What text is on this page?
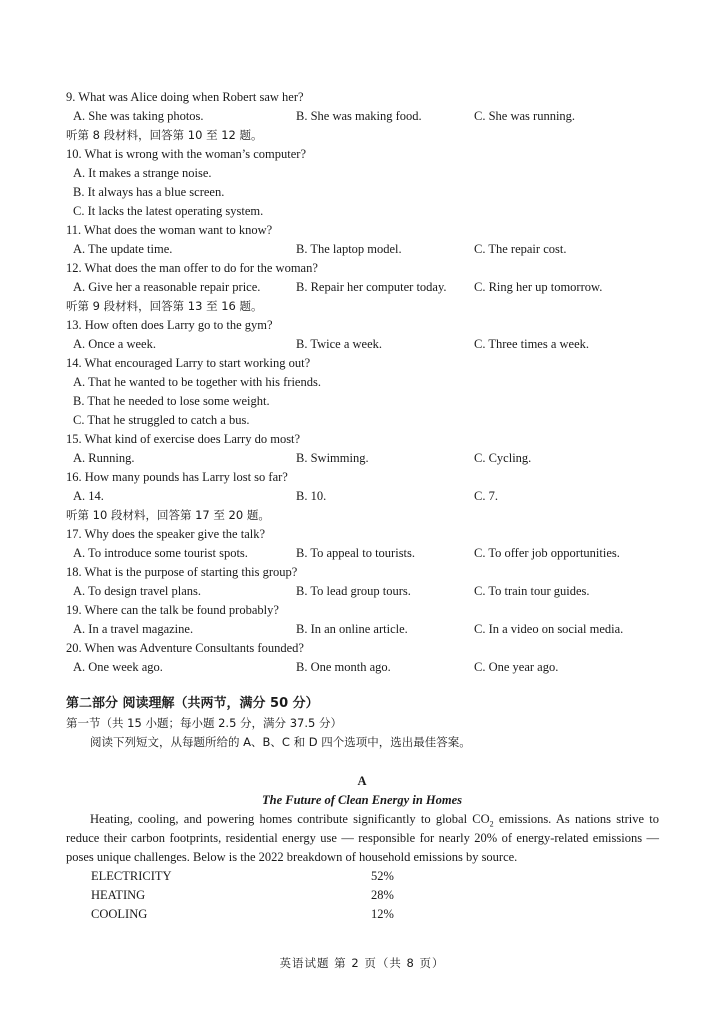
9. What was Alice doing when Robert saw her?
A. She was taking photos.	B. She was making food.	C. She was running.
听第 8 段材料，回答第 10 至 12 题。
10. What is wrong with the woman’s computer?
A. It makes a strange noise.
B. It always has a blue screen.
C. It lacks the latest operating system.
11. What does the woman want to know?
A. The update time.	B. The laptop model.	C. The repair cost.
12. What does the man offer to do for the woman?
A. Give her a reasonable repair price.	B. Repair her computer today. C. Ring her up tomorrow.
听第 9 段材料，回答第 13 至 16 题。
13. How often does Larry go to the gym?
A. Once a week.	B. Twice a week.	C. Three times a week.
14. What encouraged Larry to start working out?
A. That he wanted to be together with his friends.
B. That he needed to lose some weight.
C. That he struggled to catch a bus.
15. What kind of exercise does Larry do most?
A. Running.	B. Swimming.	C. Cycling.
16. How many pounds has Larry lost so far?
A. 14.	B. 10.	C. 7.
听第 10 段材料，回答第 17 至 20 题。
17. Why does the speaker give the talk?
A. To introduce some tourist spots.	B. To appeal to tourists.	C. To offer job opportunities.
18. What is the purpose of starting this group?
A. To design travel plans.	B. To lead group tours.	C. To train tour guides.
19. Where can the talk be found probably?
A. In a travel magazine.	B. In an online article.	C. In a video on social media.
20. When was Adventure Consultants founded?
A. One week ago.	B. One month ago.	C. One year ago.
第二部分 阅读理解（共两节，满分 50 分）
第一节（共 15 小题；每小题 2.5 分，满分 37.5 分）
阅读下列短文，从每题所给的 A、B、C 和 D 四个选项中，选出最佳答案。
A
The Future of Clean Energy in Homes
Heating, cooling, and powering homes contribute significantly to global $CO_2$ emissions. As nations strive to reduce their carbon footprints, residential energy use — responsible for nearly 20% of energy-related emissions — poses unique challenges. Below is the 2022 breakdown of household emissions by source.
ELECTRICITY	52%
HEATING	28%
COOLING	12%
英语试题 第 2 页（共 8 页）
